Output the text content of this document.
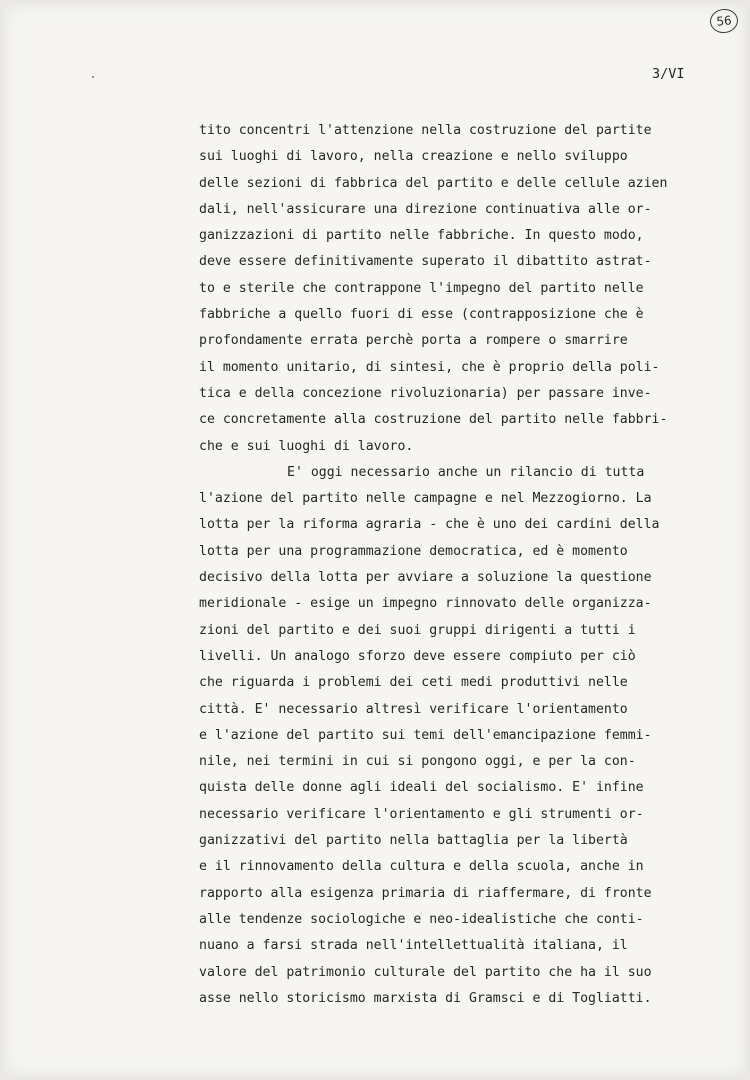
56
3/VI
tito concentri l'attenzione nella costruzione del partite
sui luoghi di lavoro, nella creazione e nello sviluppo
delle sezioni di fabbrica del partito e delle cellule azien
dali, nell'assicurare una direzione continuativa alle or-
ganizzazioni di partito nelle fabbriche. In questo modo,
deve essere definitivamente superato il dibattito astrat-
to e sterile che contrappone l'impegno del partito nelle
fabbriche a quello fuori di esse (contrapposizione che è
profondamente errata perchè porta a rompere o smarrire
il momento unitario, di sintesi, che è proprio della poli-
tica e della concezione rivoluzionaria) per passare inve-
ce concretamente alla costruzione del partito nelle fabbri-
che e sui luoghi di lavoro.
E' oggi necessario anche un rilancio di tutta
l'azione del partito nelle campagne e nel Mezzogiorno. La
lotta per la riforma agraria - che è uno dei cardini della
lotta per una programmazione democratica, ed è momento
decisivo della lotta per avviare a soluzione la questione
meridionale - esige un impegno rinnovato delle organizza-
zioni del partito e dei suoi gruppi dirigenti a tutti i
livelli. Un analogo sforzo deve essere compiuto per ciò
che riguarda i problemi dei ceti medi produttivi nelle
città. E' necessario altresì verificare l'orientamento
e l'azione del partito sui temi dell'emancipazione femmi-
nile, nei termini in cui si pongono oggi, e per la con-
quista delle donne agli ideali del socialismo. E' infine
necessario verificare l'orientamento e gli strumenti or-
ganizzativi del partito nella battaglia per la libertà
e il rinnovamento della cultura e della scuola, anche in
rapporto alla esigenza primaria di riaffermare, di fronte
alle tendenze sociologiche e neo-idealistiche che conti-
nuano a farsi strada nell'intellettualità italiana, il
valore del patrimonio culturale del partito che ha il suo
asse nello storicismo marxista di Gramsci e di Togliatti.
